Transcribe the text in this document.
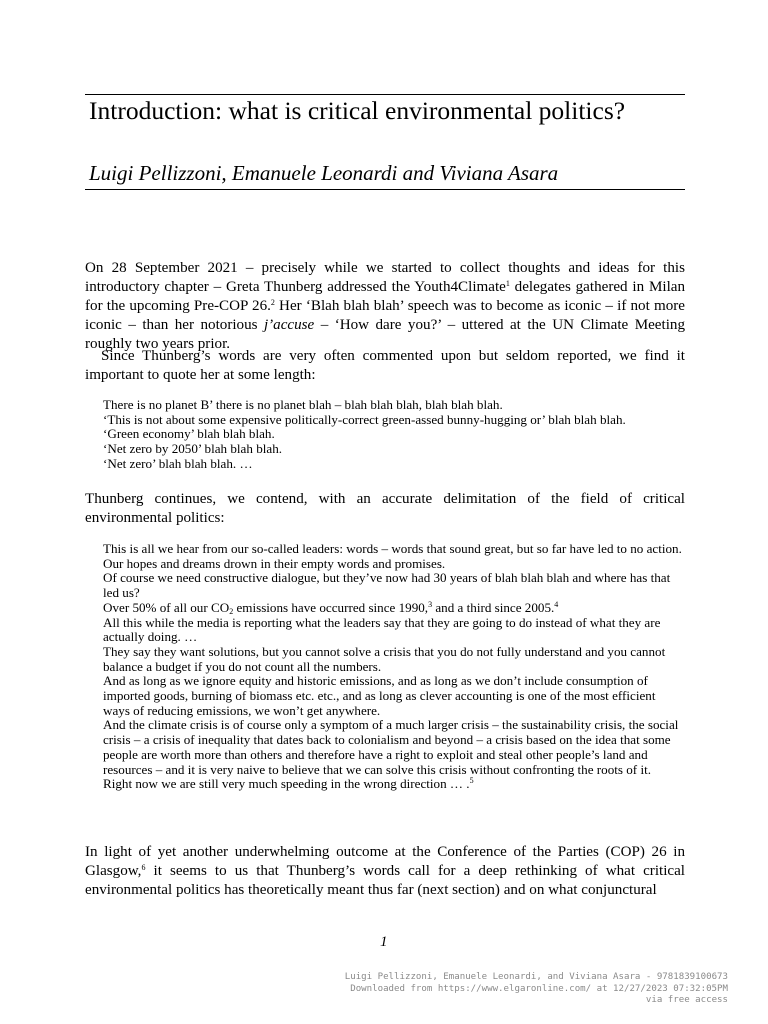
Introduction: what is critical environmental politics?
Luigi Pellizzoni, Emanuele Leonardi and Viviana Asara
On 28 September 2021 – precisely while we started to collect thoughts and ideas for this introductory chapter – Greta Thunberg addressed the Youth4Climate$^1$ delegates gathered in Milan for the upcoming Pre-COP 26.$^2$ Her ‘Blah blah blah’ speech was to become as iconic – if not more iconic – than her notorious j’accuse – ‘How dare you?’ – uttered at the UN Climate Meeting roughly two years prior.
Since Thunberg’s words are very often commented upon but seldom reported, we find it important to quote her at some length:
There is no planet B’ there is no planet blah – blah blah blah, blah blah blah.
‘This is not about some expensive politically-correct green-assed bunny-hugging or’ blah blah blah.
‘Green economy’ blah blah blah.
‘Net zero by 2050’ blah blah blah.
‘Net zero’ blah blah blah. …
Thunberg continues, we contend, with an accurate delimitation of the field of critical environmental politics:
This is all we hear from our so-called leaders: words – words that sound great, but so far have led to no action.
Our hopes and dreams drown in their empty words and promises.
Of course we need constructive dialogue, but they’ve now had 30 years of blah blah blah and where has that led us?
Over 50% of all our $CO_2$ emissions have occurred since 1990,$^3$ and a third since 2005.$^4$
All this while the media is reporting what the leaders say that they are going to do instead of what they are actually doing. …
They say they want solutions, but you cannot solve a crisis that you do not fully understand and you cannot balance a budget if you do not count all the numbers.
And as long as we ignore equity and historic emissions, and as long as we don’t include consumption of imported goods, burning of biomass etc. etc., and as long as clever accounting is one of the most efficient ways of reducing emissions, we won’t get anywhere.
And the climate crisis is of course only a symptom of a much larger crisis – the sustainability crisis, the social crisis – a crisis of inequality that dates back to colonialism and beyond – a crisis based on the idea that some people are worth more than others and therefore have a right to exploit and steal other people’s land and resources – and it is very naive to believe that we can solve this crisis without confronting the roots of it.
Right now we are still very much speeding in the wrong direction … .$^5$
In light of yet another underwhelming outcome at the Conference of the Parties (COP) 26 in Glasgow,$^6$ it seems to us that Thunberg’s words call for a deep rethinking of what critical environmental politics has theoretically meant thus far (next section) and on what conjunctural
1
Luigi Pellizzoni, Emanuele Leonardi, and Viviana Asara - 9781839100673
Downloaded from https://www.elgaronline.com/ at 12/27/2023 07:32:05PM
via free access
